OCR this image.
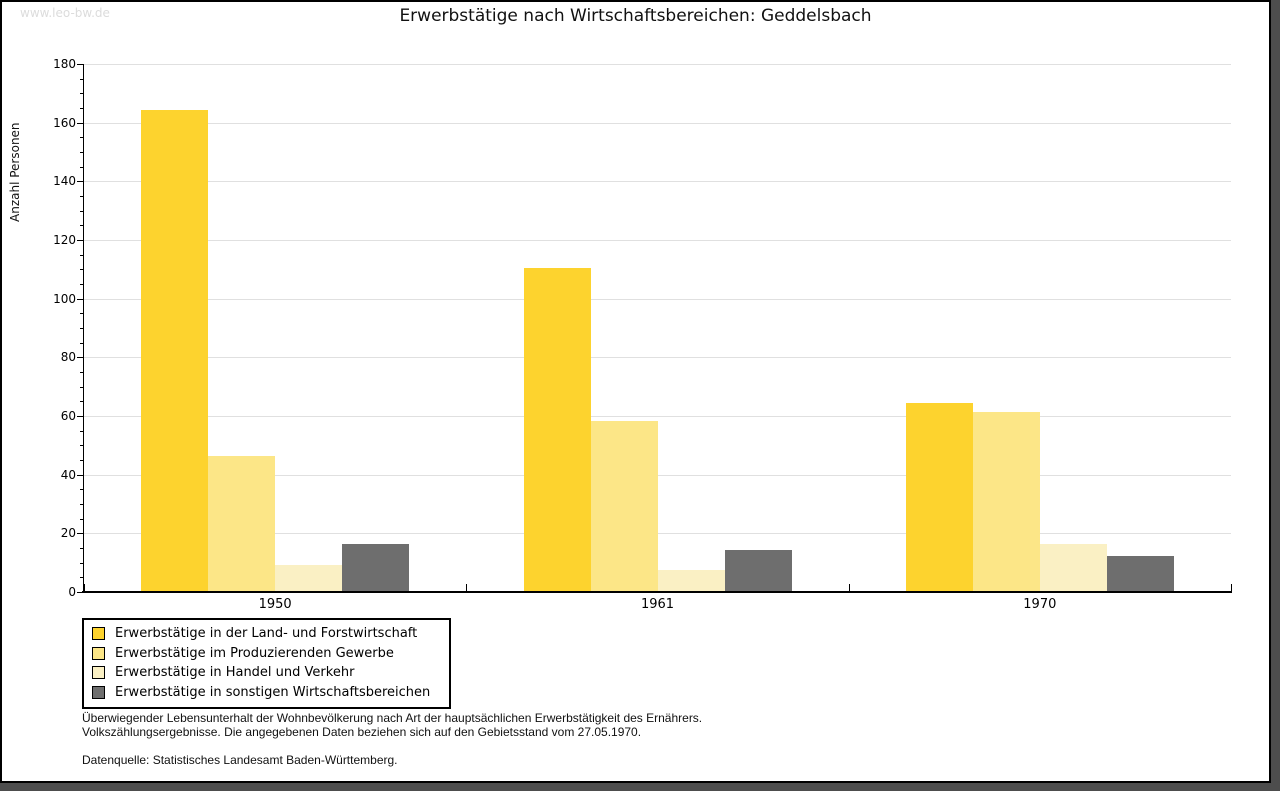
www.leo-bw.de	Erwerbstätige nach Wirtschaftsbereichen: Geddelsbach
Anzahl Personen
0
20
40
60
80
100
120
140
160
180
1950	1961	1970
Erwerbstätige in der Land- und Forstwirtschaft
Erwerbstätige im Produzierenden Gewerbe
Erwerbstätige in Handel und Verkehr
Erwerbstätige in sonstigen Wirtschaftsbereichen
Überwiegender Lebensunterhalt der Wohnbevölkerung nach Art der hauptsächlichen Erwerbstätigkeit des Ernährers.
Volkszählungsergebnisse. Die angegebenen Daten beziehen sich auf den Gebietsstand vom 27.05.1970.
Datenquelle: Statistisches Landesamt Baden-Württemberg.
